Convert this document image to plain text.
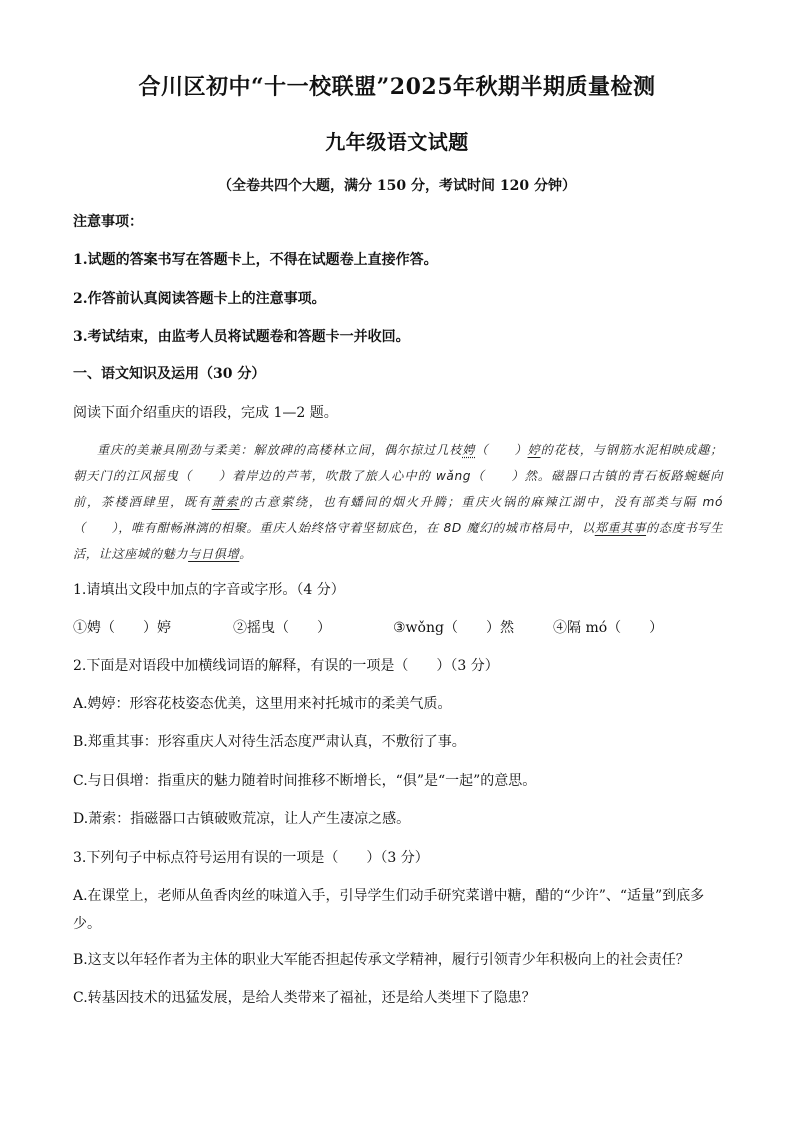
合川区初中“十一校联盟”2025年秋期半期质量检测
九年级语文试题
（全卷共四个大题，满分 150 分，考试时间 120 分钟）
注意事项：
1.试题的答案书写在答题卡上，不得在试题卷上直接作答。
2.作答前认真阅读答题卡上的注意事项。
3.考试结束，由监考人员将试题卷和答题卡一并收回。
一、语文知识及运用（30 分）
阅读下面介绍重庆的语段，完成 1—2 题。
重庆的美兼具刚劲与柔美：解放碑的高楼林立间，偶尔掠过几枝娉（　　）婷的花枝，与钢筋水泥相映成趣；朝天门的江风摇曳（　　）着岸边的芦苇，吹散了旅人心中的 wǎng（　　）然。磁器口古镇的青石板路蜿蜒向前，茶楼酒肆里，既有萧索的古意萦绕，也有蟠间的烟火升腾；重庆火锅的麻辣江湖中，没有部类与隔 mó（　　），唯有酣畅淋漓的相聚。重庆人始终恪守着坚韧底色，在 8D 魔幻的城市格局中，以郑重其事的态度书写生活，让这座城的魅力与日俱增。
1.请填出文段中加点的字音或字形。（4 分）
①娉（　　）婷	②摇曳（　　）	③wǒng（　　）然	④隔 mó（　　）
2.下面是对语段中加横线词语的解释，有误的一项是（　　）（3 分）
A.娉婷：形容花枝姿态优美，这里用来衬托城市的柔美气质。
B.郑重其事：形容重庆人对待生活态度严肃认真，不敷衍了事。
C.与日俱增：指重庆的魅力随着时间推移不断增长，“俱”是“一起”的意思。
D.萧索：指磁器口古镇破败荒凉，让人产生凄凉之感。
3.下列句子中标点符号运用有误的一项是（　　）（3 分）
A.在课堂上，老师从鱼香肉丝的味道入手，引导学生们动手研究菜谱中糖，醋的“少许”、“适量”到底多少。
B.这支以年轻作者为主体的职业大军能否担起传承文学精神，履行引领青少年积极向上的社会责任？
C.转基因技术的迅猛发展，是给人类带来了福祉，还是给人类埋下了隐患？
